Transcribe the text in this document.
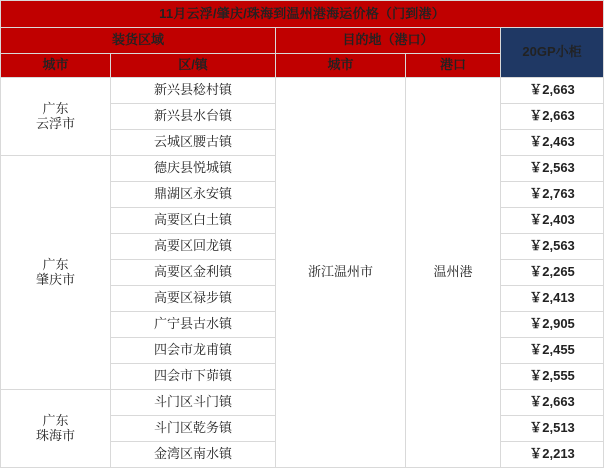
11月云浮/肇庆/珠海到温州港海运价格（门到港）				
装货区域		目的地（港口）		20GP小柜
城市	区/镇	城市	港口	

广东
云浮市	新兴县稔村镇	浙江温州市	温州港	￥2,663
	新兴县水台镇			￥2,663
	云城区腰古镇			￥2,463

广东
肇庆市	德庆县悦城镇			￥2,563
	鼎湖区永安镇			￥2,763
	高要区白土镇			￥2,403
	高要区回龙镇			￥2,563
	高要区金利镇			￥2,265
	高要区禄步镇			￥2,413
	广宁县古水镇			￥2,905
	四会市龙甫镇			￥2,455
	四会市下茆镇			￥2,555

广东
珠海市	斗门区斗门镇			￥2,663
	斗门区乾务镇			￥2,513
	金湾区南水镇			￥2,213
